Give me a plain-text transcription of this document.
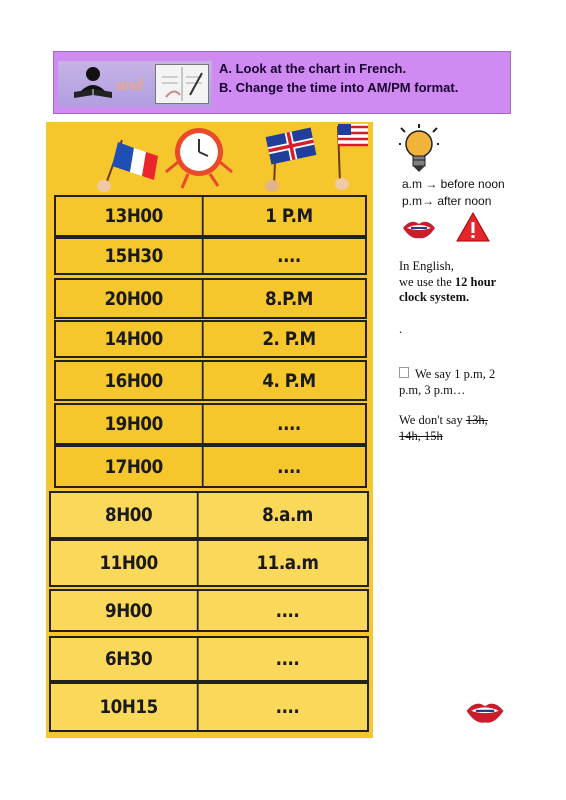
and
A. Look at the chart in French.
B. Change the time into AM/PM format.
13H00	1 P.M
15H30	....
20H00	8.P.M
14H00	2. P.M
16H00	4. P.M
19H00	....
17H00	....
8H00	8.a.m
11H00	11.a.m
9H00	....
6H30	....
10H15	....
a.m → before noon
p.m→ after noon
In English,
we use the 12 hour
clock system.
.
We say 1 p.m, 2
p.m, 3 p.m…
We don't say 13h,
14h, 15h
